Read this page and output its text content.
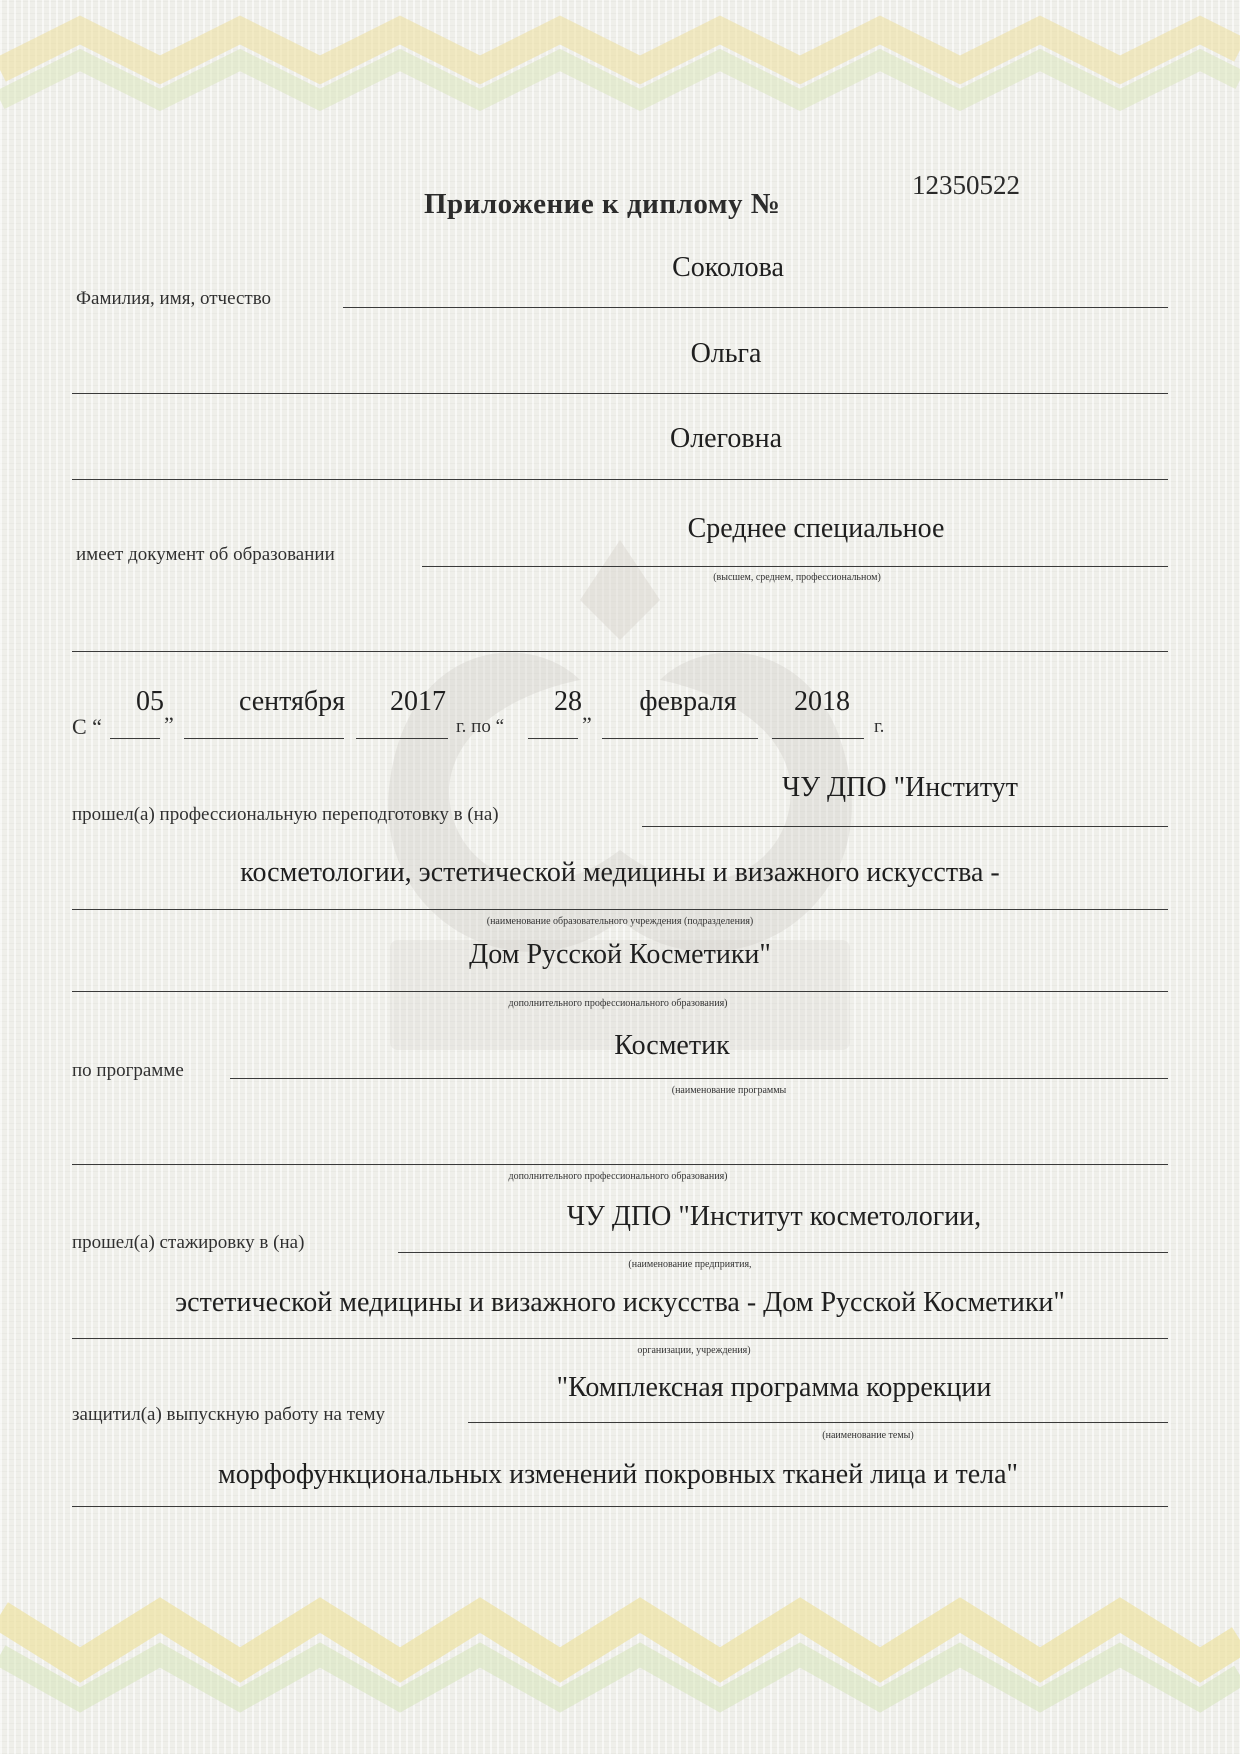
Приложение к диплому №
12350522
Фамилия, имя, отчество
Соколова
Ольга
Олеговна
имеет документ об образовании
Среднее специальное
(высшем, среднем, профессиональном)
С “
05
”
сентября 2017
г. по “
28
”
февраля 2018
г.
прошел(а) профессиональную переподготовку в (на)
ЧУ ДПО "Институт
косметологии, эстетической медицины и визажного искусства -
(наименование образовательного учреждения (подразделения)
Дом Русской Косметики"
дополнительного профессионального образования)
по программе
Косметик
(наименование программы
дополнительного профессионального образования)
прошел(а) стажировку в (на)
ЧУ ДПО "Институт косметологии,
(наименование предприятия,
эстетической медицины и визажного искусства - Дом Русской Косметики"
организации, учреждения)
защитил(а) выпускную работу на тему
"Комплексная программа коррекции
(наименование темы)
морфофункциональных изменений покровных тканей лица и тела"
